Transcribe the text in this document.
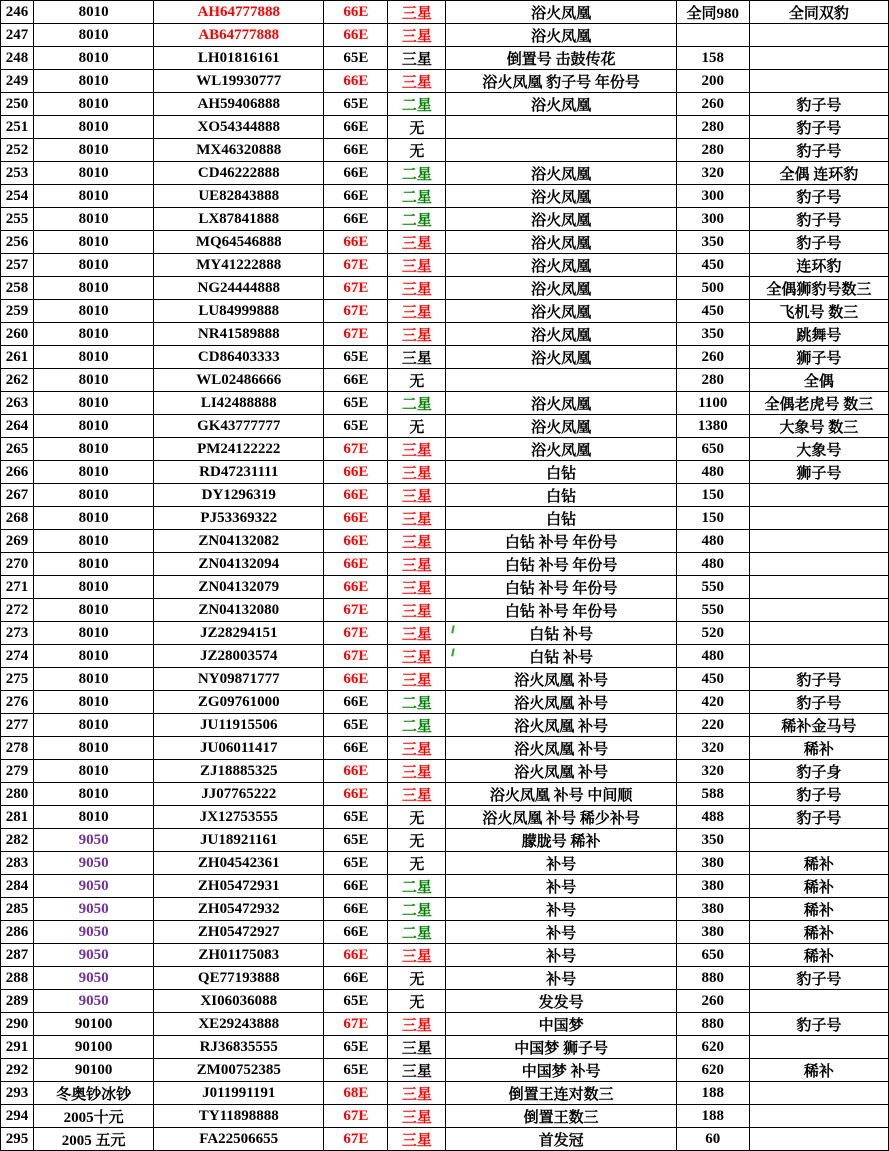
246	8010	AH64777888	66E	三星	浴火凤凰	全同980	全同双豹
247	8010	AB64777888	66E	三星	浴火凤凰		
248	8010	LH01816161	65E	三星	倒置号 击鼓传花	158	
249	8010	WL19930777	66E	三星	浴火凤凰 豹子号 年份号	200	
250	8010	AH59406888	65E	二星	浴火凤凰	260	豹子号
251	8010	XO54344888	66E	无		280	豹子号
252	8010	MX46320888	66E	无		280	豹子号
253	8010	CD46222888	66E	二星	浴火凤凰	320	全偶 连环豹
254	8010	UE82843888	66E	二星	浴火凤凰	300	豹子号
255	8010	LX87841888	66E	二星	浴火凤凰	300	豹子号
256	8010	MQ64546888	66E	三星	浴火凤凰	350	豹子号
257	8010	MY41222888	67E	三星	浴火凤凰	450	连环豹
258	8010	NG24444888	67E	三星	浴火凤凰	500	全偶狮豹号数三
259	8010	LU84999888	67E	三星	浴火凤凰	450	飞机号 数三
260	8010	NR41589888	67E	三星	浴火凤凰	350	跳舞号
261	8010	CD86403333	65E	三星	浴火凤凰	260	狮子号
262	8010	WL02486666	66E	无		280	全偶
263	8010	LI42488888	65E	二星	浴火凤凰	1100	全偶老虎号 数三
264	8010	GK43777777	65E	无	浴火凤凰	1380	大象号 数三
265	8010	PM24122222	67E	三星	浴火凤凰	650	大象号
266	8010	RD47231111	66E	三星	白钻	480	狮子号
267	8010	DY1296319	66E	三星	白钻	150	
268	8010	PJ53369322	66E	三星	白钻	150	
269	8010	ZN04132082	66E	三星	白钻 补号 年份号	480	
270	8010	ZN04132094	66E	三星	白钻 补号 年份号	480	
271	8010	ZN04132079	66E	三星	白钻 补号 年份号	550	
272	8010	ZN04132080	67E	三星	白钻 补号 年份号	550	
273	8010	JZ28294151	67E	三星	白钻 补号	520	
274	8010	JZ28003574	67E	三星	白钻 补号	480	
275	8010	NY09871777	66E	三星	浴火凤凰 补号	450	豹子号
276	8010	ZG09761000	66E	二星	浴火凤凰 补号	420	豹子号
277	8010	JU11915506	65E	二星	浴火凤凰 补号	220	稀补金马号
278	8010	JU06011417	66E	三星	浴火凤凰 补号	320	稀补
279	8010	ZJ18885325	66E	三星	浴火凤凰 补号	320	豹子身
280	8010	JJ07765222	66E	三星	浴火凤凰 补号 中间顺	588	豹子号
281	8010	JX12753555	65E	无	浴火凤凰 补号 稀少补号	488	豹子号
282	9050	JU18921161	65E	无	朦胧号 稀补	350	
283	9050	ZH04542361	65E	无	补号	380	稀补
284	9050	ZH05472931	66E	二星	补号	380	稀补
285	9050	ZH05472932	66E	二星	补号	380	稀补
286	9050	ZH05472927	66E	二星	补号	380	稀补
287	9050	ZH01175083	66E	三星	补号	650	稀补
288	9050	QE77193888	66E	无	补号	880	豹子号
289	9050	XI06036088	65E	无	发发号	260	
290	90100	XE29243888	67E	三星	中国梦	880	豹子号
291	90100	RJ36835555	65E	三星	中国梦 狮子号	620	
292	90100	ZM00752385	65E	三星	中国梦 补号	620	稀补
293	冬奥钞冰钞	J011991191	68E	三星	倒置王连对数三	188	
294	2005十元	TY11898888	67E	三星	倒置王数三	188	
295	2005 五元	FA22506655	67E	三星	首发冠	60	
